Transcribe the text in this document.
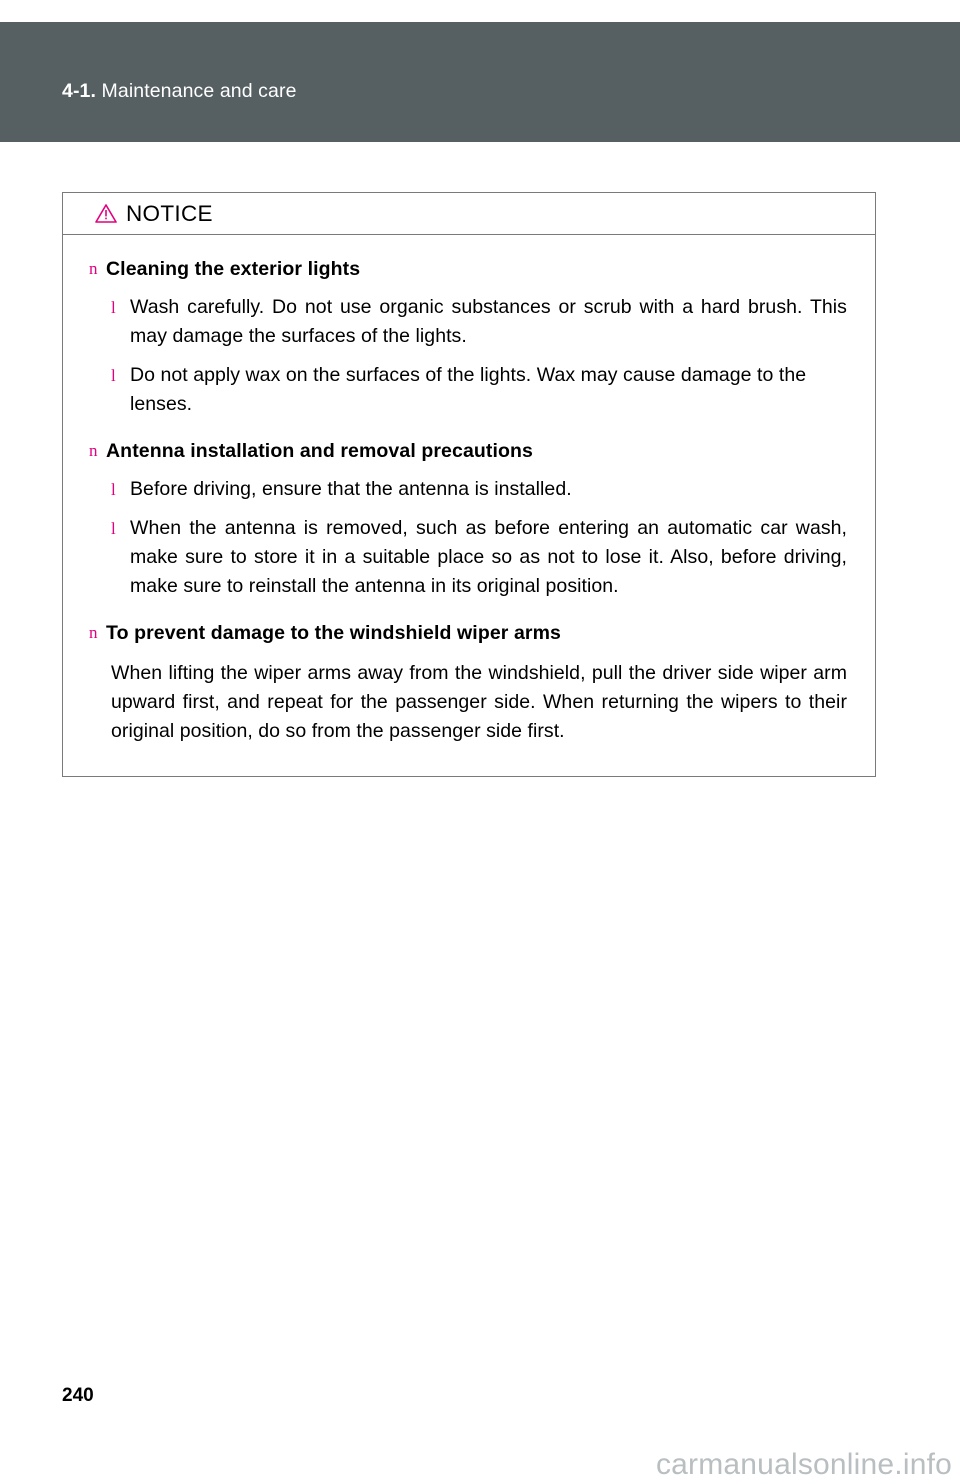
4-1. Maintenance and care
NOTICE
n Cleaning the exterior lights
l Wash carefully. Do not use organic substances or scrub with a hard brush. This may damage the surfaces of the lights.
l Do not apply wax on the surfaces of the lights. Wax may cause damage to the lenses.
n Antenna installation and removal precautions
l Before driving, ensure that the antenna is installed.
l When the antenna is removed, such as before entering an automatic car wash, make sure to store it in a suitable place so as not to lose it. Also, before driving, make sure to reinstall the antenna in its original position.
n To prevent damage to the windshield wiper arms
When lifting the wiper arms away from the windshield, pull the driver side wiper arm upward first, and repeat for the passenger side. When returning the wipers to their original position, do so from the passenger side first.
240
carmanualsonline.info
